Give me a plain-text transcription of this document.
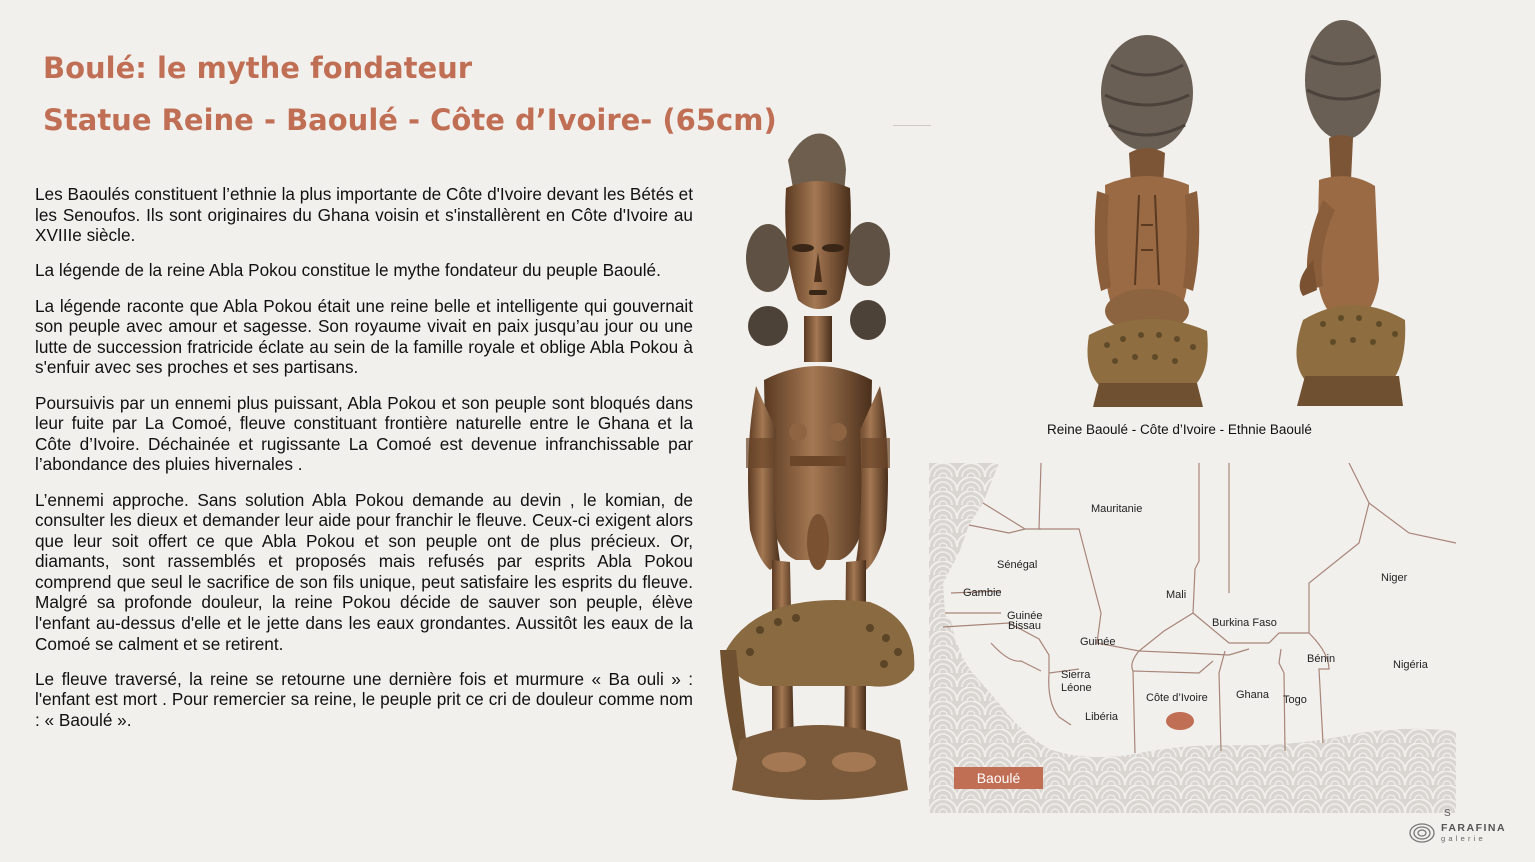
Boulé: le mythe fondateur
Statue Reine - Baoulé - Côte d’Ivoire- (65cm)

Les Baoulés constituent l’ethnie la plus importante de Côte d'Ivoire devant les Bétés et les Senoufos. Ils sont originaires du Ghana voisin et s'installèrent en Côte d'Ivoire au XVIIIe siècle.

La légende de la reine Abla Pokou constitue le mythe fondateur du peuple Baoulé.

La légende raconte que Abla Pokou était une reine belle et intelligente qui gouvernait son peuple avec amour et sagesse. Son royaume vivait en paix jusqu’au jour ou une lutte de succession fratricide éclate au sein de la famille royale et oblige Abla Pokou à s'enfuir avec ses proches et ses partisans.

Poursuivis par un ennemi plus puissant, Abla Pokou et son peuple sont bloqués dans leur fuite par La Comoé, fleuve constituant frontière naturelle entre le Ghana et la Côte d’Ivoire. Déchainée et rugissante La Comoé est devenue infranchissable par l’abondance des pluies hivernales .

L’ennemi approche. Sans solution Abla Pokou demande au devin , le komian, de consulter les dieux et demander leur aide pour franchir le fleuve. Ceux-ci exigent alors que leur soit offert ce que Abla Pokou et son peuple ont de plus précieux. Or, diamants, sont rassemblés et proposés mais refusés par esprits Abla Pokou comprend que seul le sacrifice de son fils unique, peut satisfaire les esprits du fleuve. Malgré sa profonde douleur, la reine Pokou décide de sauver son peuple, élève l'enfant au-dessus d'elle et le jette dans les eaux grondantes. Aussitôt les eaux de la Comoé se calment et se retirent.

Le fleuve traversé, la reine se retourne une dernière fois et murmure « Ba ouli » : l'enfant est mort . Pour remercier sa reine, le peuple prit ce cri de douleur comme nom : « Baoulé ».

Reine Baoulé - Côte d’Ivoire - Ethnie Baoulé
Mauritanie
Sénégal
Gambie
Guinée
Bissau
Guinée
Sierra
Léone
Libéria
Mali
Burkina Faso
Niger
Côte d’Ivoire	Ghana Togo
Bénin	Nigéria
Baoulé
S
FARAFINA
galerie
